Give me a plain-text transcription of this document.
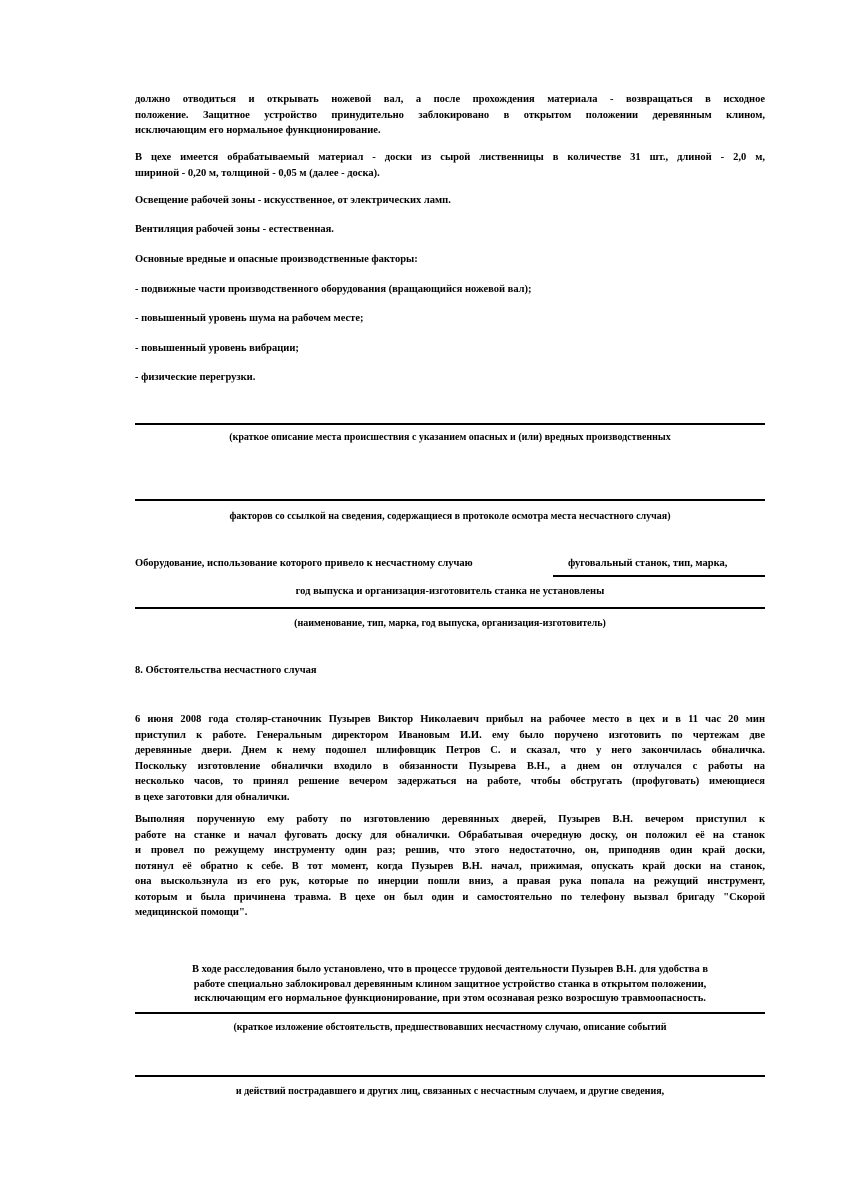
должно отводиться и открывать ножевой вал, а после прохождения материала - возвращаться в исходное
положение. Защитное устройство принудительно заблокировано в открытом положении деревянным клином,
исключающим его нормальное функционирование.
В цехе имеется обрабатываемый материал - доски из сырой лиственницы в количестве 31 шт., длиной - 2,0 м,
шириной - 0,20 м, толщиной - 0,05 м (далее - доска).
Освещение рабочей зоны - искусственное, от электрических ламп.
Вентиляция рабочей зоны - естественная.
Основные вредные и опасные производственные факторы:
- подвижные части производственного оборудования (вращающийся ножевой вал);
- повышенный уровень шума на рабочем месте;
- повышенный уровень вибрации;
- физические перегрузки.
(краткое описание места происшествия с указанием опасных и (или) вредных производственных
факторов со ссылкой на сведения, содержащиеся в протоколе осмотра места несчастного случая)
Оборудование, использование которого привело к несчастному случаю	фуговальный станок, тип, марка,
год выпуска и организация-изготовитель станка не установлены
(наименование, тип, марка, год выпуска, организация-изготовитель)
8. Обстоятельства несчастного случая
6 июня 2008 года столяр-станочник Пузырев Виктор Николаевич прибыл на рабочее место в цех и в 11 час 20 мин
приступил к работе. Генеральным директором Ивановым И.И. ему было поручено изготовить по чертежам две
деревянные двери. Днем к нему подошел шлифовщик Петров С. и сказал, что у него закончилась обналичка.
Поскольку изготовление обналички входило в обязанности Пузырева В.Н., а днем он отлучался с работы на
несколько часов, то принял решение вечером задержаться на работе, чтобы обстругать (профуговать) имеющиеся
в цехе заготовки для обналички.
Выполняя порученную ему работу по изготовлению деревянных дверей, Пузырев В.Н. вечером приступил к
работе на станке и начал фуговать доску для обналички. Обрабатывая очередную доску, он положил её на станок
и провел по режущему инструменту один раз; решив, что этого недостаточно, он, приподняв один край доски,
потянул её обратно к себе. В тот момент, когда Пузырев В.Н. начал, прижимая, опускать край доски на станок,
она выскользнула из его рук, которые по инерции пошли вниз, а правая рука попала на режущий инструмент,
которым и была причинена травма. В цехе он был один и самостоятельно по телефону вызвал бригаду "Скорой
медицинской помощи".
В ходе расследования было установлено, что в процессе трудовой деятельности Пузырев В.Н. для удобства в
работе специально заблокировал деревянным клином защитное устройство станка в открытом положении,
исключающим его нормальное функционирование, при этом осознавая резко возросшую травмоопасность.
(краткое изложение обстоятельств, предшествовавших несчастному случаю, описание событий
и действий пострадавшего и других лиц, связанных с несчастным случаем, и другие сведения,
